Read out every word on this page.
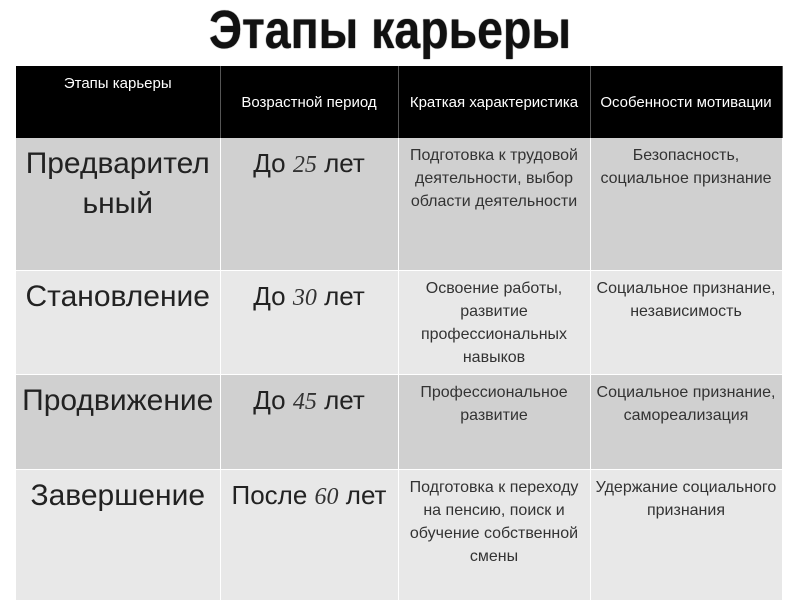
Этапы карьеры
Этапы карьеры	Возрастной период	Краткая характеристика	Особенности мотивации

Предварительный	До 25 лет	Подготовка к трудовой деятельности, выбор области деятельности	Безопасность, социальное признание

Становление	До 30 лет	Освоение работы, развитие профессиональных навыков	Социальное признание, независимость

Продвижение	До 45 лет	Профессиональное развитие	Социальное признание, самореализация

Завершение	После 60 лет	Подготовка к переходу на пенсию, поиск и обучение собственной смены	Удержание социального признания
